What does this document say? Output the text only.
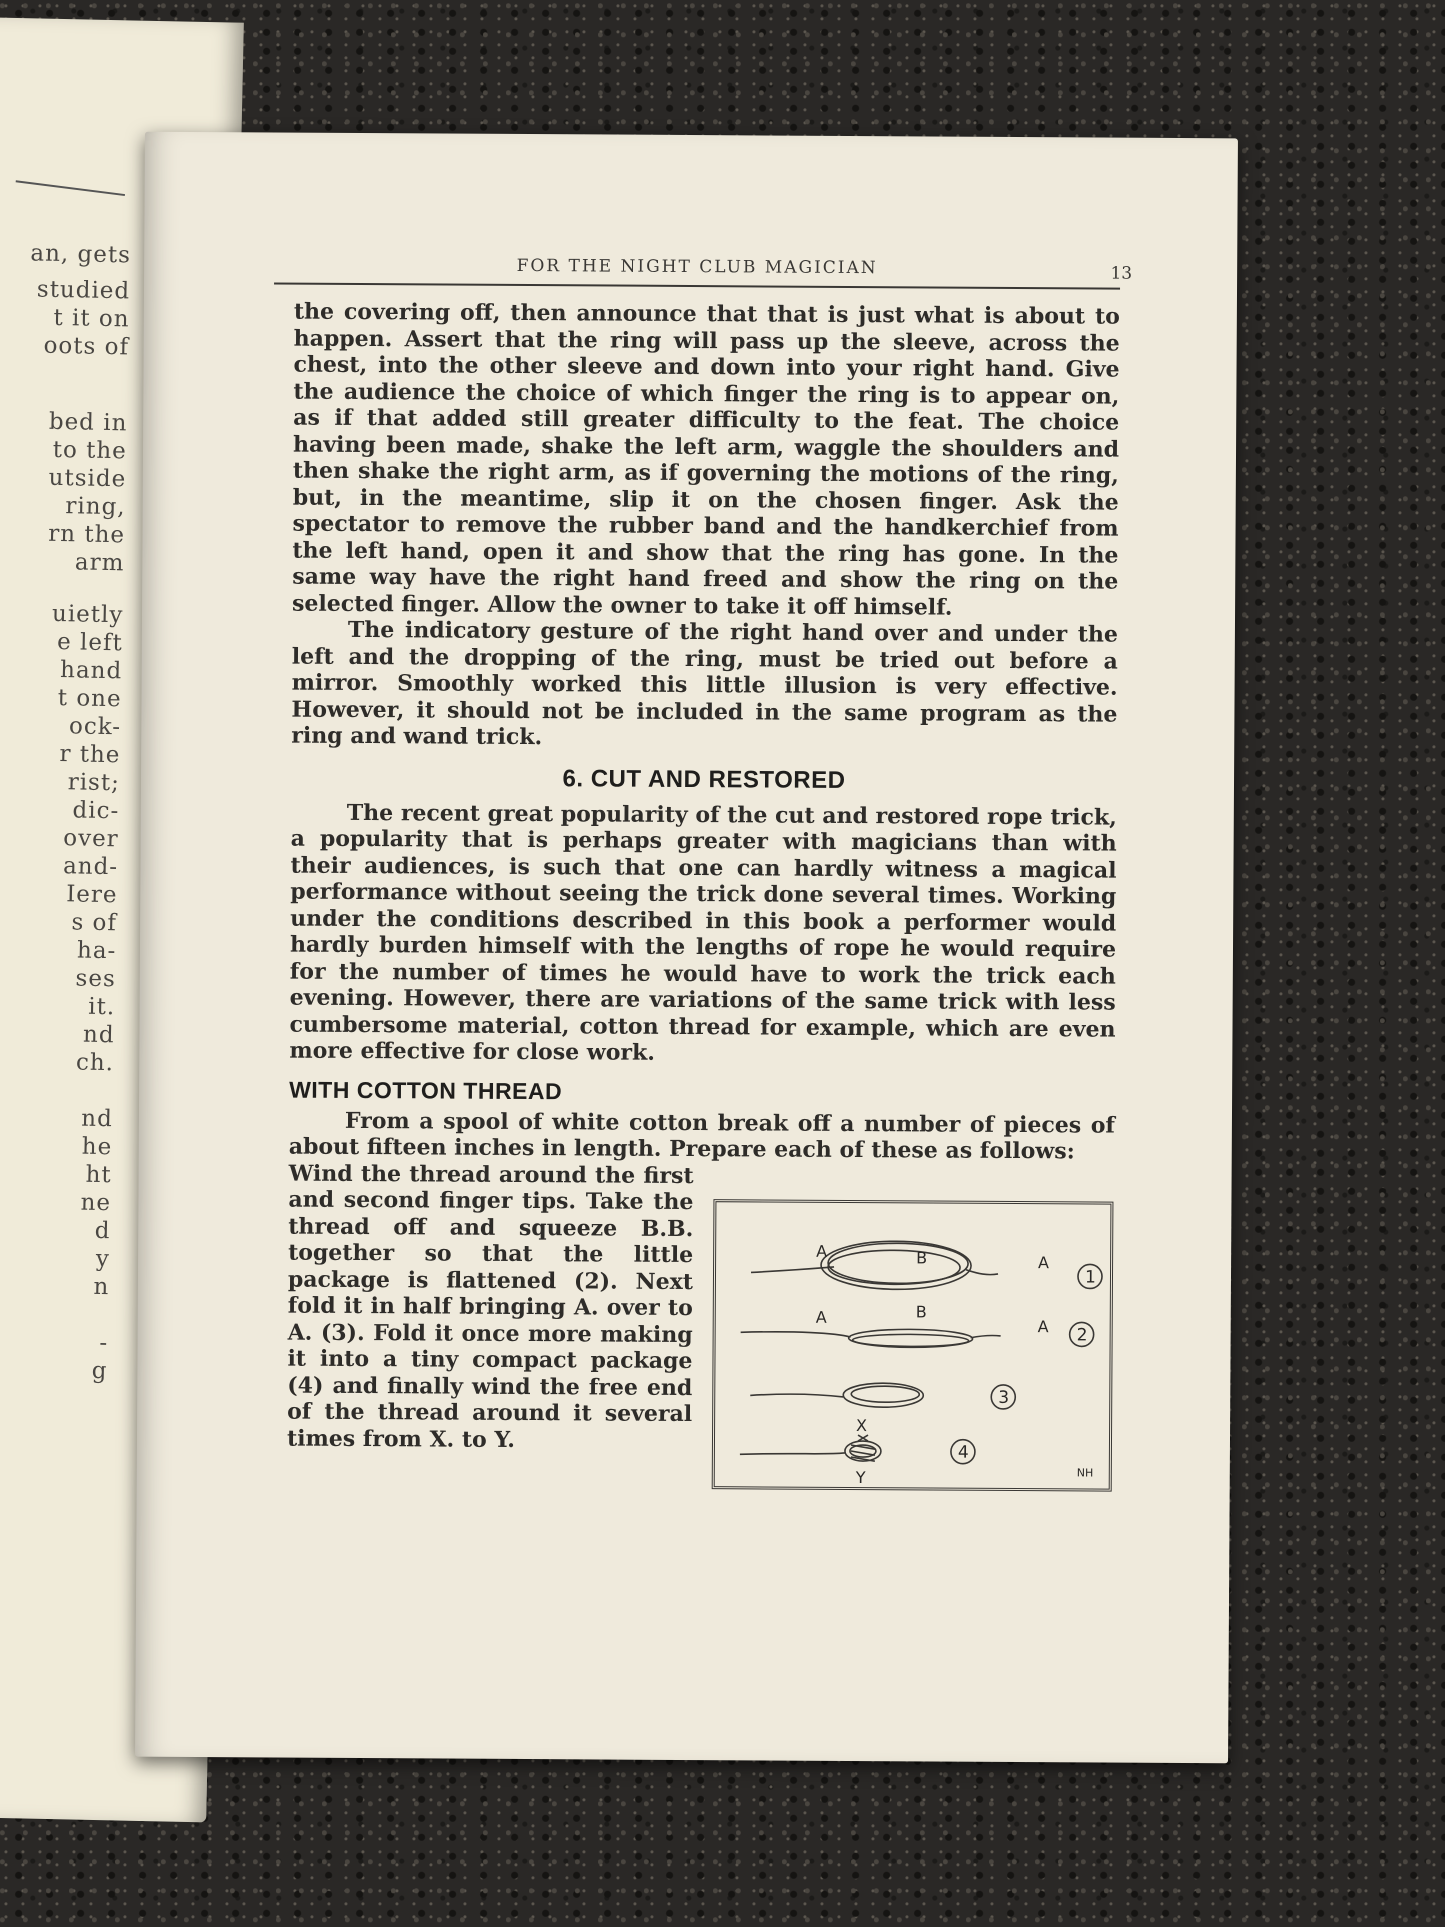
an, gets

studied

t it on

oots of

bed in

to the

utside

ring,

rn the

arm

uietly

e left

hand

t one

ock-

r the

rist;

dic-

over

and-

Iere

s of

ha-

ses

it.

nd

ch.

nd

he

ht

ne

d

y

n

-

g

FOR THE NIGHT CLUB MAGICIAN	13

the covering off, then announce that that is just what is about to happen. Assert that the ring will pass up the sleeve, across the chest, into the other sleeve and down into your right hand. Give the audience the choice of which finger the ring is to appear on, as if that added still greater difficulty to the feat. The choice having been made, shake the left arm, waggle the shoulders and then shake the right arm, as if governing the motions of the ring, but, in the meantime, slip it on the chosen finger. Ask the spectator to remove the rubber band and the handkerchief from the left hand, open it and show that the ring has gone. In the same way have the right hand freed and show the ring on the selected finger. Allow the owner to take it off himself.

The indicatory gesture of the right hand over and under the left and the dropping of the ring, must be tried out before a mirror. Smoothly worked this little illusion is very effective. However, it should not be included in the same program as the ring and wand trick.

6. CUT AND RESTORED

The recent great popularity of the cut and restored rope trick, a popularity that is perhaps greater with magicians than with their audiences, is such that one can hardly witness a magical performance without seeing the trick done several times. Working under the conditions described in this book a performer would hardly burden himself with the lengths of rope he would require for the number of times he would have to work the trick each evening. However, there are variations of the same trick with less cumbersome material, cotton thread for example, which are even more effective for close work.

WITH COTTON THREAD

From a spool of white cotton break off a number of pieces of about fifteen inches in length. Prepare each of these as follows:

Wind the thread around the first and second finger tips. Take the thread off and squeeze B.B. together so that the little package is flattened (2). Next fold it in half bringing A. over to A. (3). Fold it once more making it into a tiny compact package (4) and finally wind the free end of the thread around it several times from X. to Y.

A	B	A
A	B
A
X
Y
1
2
3
4
NH
